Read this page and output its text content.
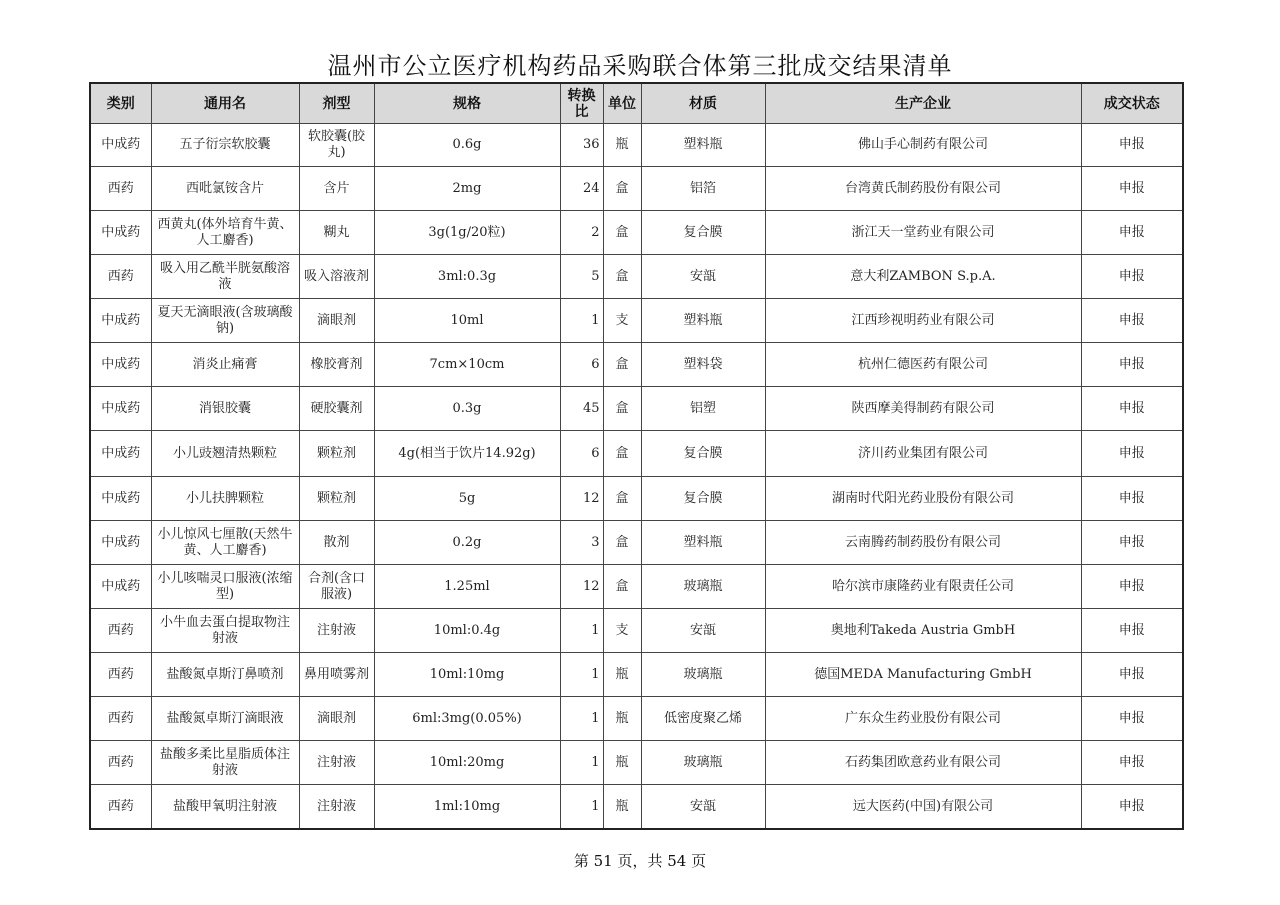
温州市公立医疗机构药品采购联合体第三批成交结果清单
类别	通用名	剂型	规格	转换比	单位	材质	生产企业	成交状态
中成药	五子衍宗软胶囊	软胶囊(胶丸)	0.6g	36	瓶	塑料瓶	佛山手心制药有限公司	申报
西药	西吡氯铵含片	含片	2mg	24	盒	铝箔	台湾黄氏制药股份有限公司	申报
中成药	西黄丸(体外培育牛黄、人工麝香)	糊丸	3g(1g/20粒)	2	盒	复合膜	浙江天一堂药业有限公司	申报
西药	吸入用乙酰半胱氨酸溶液	吸入溶液剂	3ml:0.3g	5	盒	安瓿	意大利ZAMBON S.p.A.	申报
中成药	夏天无滴眼液(含玻璃酸钠)	滴眼剂	10ml	1	支	塑料瓶	江西珍视明药业有限公司	申报
中成药	消炎止痛膏	橡胶膏剂	7cm×10cm	6	盒	塑料袋	杭州仁德医药有限公司	申报
中成药	消银胶囊	硬胶囊剂	0.3g	45	盒	铝塑	陕西摩美得制药有限公司	申报
中成药	小儿豉翘清热颗粒	颗粒剂	4g(相当于饮片14.92g)	6	盒	复合膜	济川药业集团有限公司	申报
中成药	小儿扶脾颗粒	颗粒剂	5g	12	盒	复合膜	湖南时代阳光药业股份有限公司	申报
中成药	小儿惊风七厘散(天然牛黄、人工麝香)	散剂	0.2g	3	盒	塑料瓶	云南腾药制药股份有限公司	申报
中成药	小儿咳喘灵口服液(浓缩型)	合剂(含口服液)	1.25ml	12	盒	玻璃瓶	哈尔滨市康隆药业有限责任公司	申报
西药	小牛血去蛋白提取物注射液	注射液	10ml:0.4g	1	支	安瓿	奥地利Takeda Austria GmbH	申报
西药	盐酸氮卓斯汀鼻喷剂	鼻用喷雾剂	10ml:10mg	1	瓶	玻璃瓶	德国MEDA Manufacturing GmbH	申报
西药	盐酸氮卓斯汀滴眼液	滴眼剂	6ml:3mg(0.05%)	1	瓶	低密度聚乙烯	广东众生药业股份有限公司	申报
西药	盐酸多柔比星脂质体注射液	注射液	10ml:20mg	1	瓶	玻璃瓶	石药集团欧意药业有限公司	申报
西药	盐酸甲氧明注射液	注射液	1ml:10mg	1	瓶	安瓿	远大医药(中国)有限公司	申报
第 51 页，共 54 页
